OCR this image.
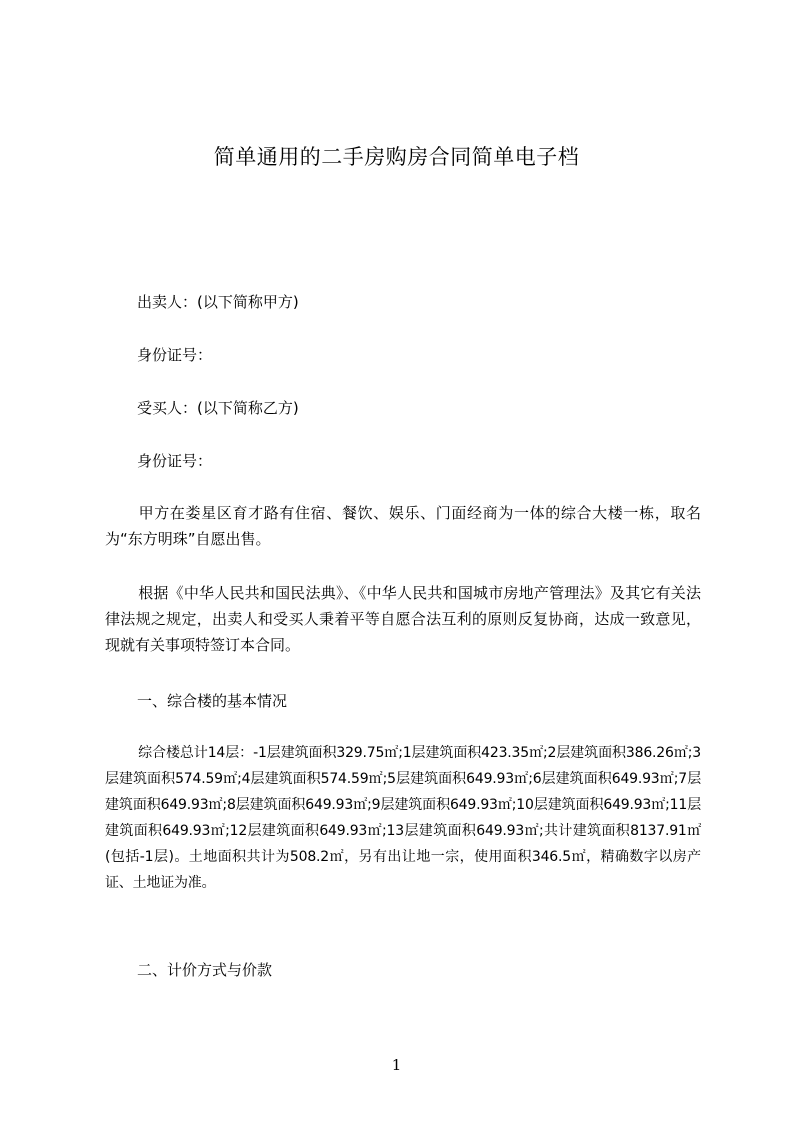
简单通用的二手房购房合同简单电子档
出卖人：(以下简称甲方)
身份证号：
受买人：(以下简称乙方)
身份证号：
甲方在娄星区育才路有住宿、餐饮、娱乐、门面经商为一体的综合大楼一栋，取名为“东方明珠”自愿出售。
根据《中华人民共和国民法典》、《中华人民共和国城市房地产管理法》及其它有关法律法规之规定，出卖人和受买人秉着平等自愿合法互利的原则反复协商，达成一致意见，现就有关事项特签订本合同。
一、综合楼的基本情况
综合楼总计14层：-1层建筑面积329.75㎡;1层建筑面积423.35㎡;2层建筑面积386.26㎡;3层建筑面积574.59㎡;4层建筑面积574.59㎡;5层建筑面积649.93㎡;6层建筑面积649.93㎡;7层建筑面积649.93㎡;8层建筑面积649.93㎡;9层建筑面积649.93㎡;10层建筑面积649.93㎡;11层建筑面积649.93㎡;12层建筑面积649.93㎡;13层建筑面积649.93㎡;共计建筑面积8137.91㎡(包括-1层)。土地面积共计为508.2㎡，另有出让地一宗，使用面积346.5㎡，精确数字以房产证、土地证为准。
二、计价方式与价款
1
